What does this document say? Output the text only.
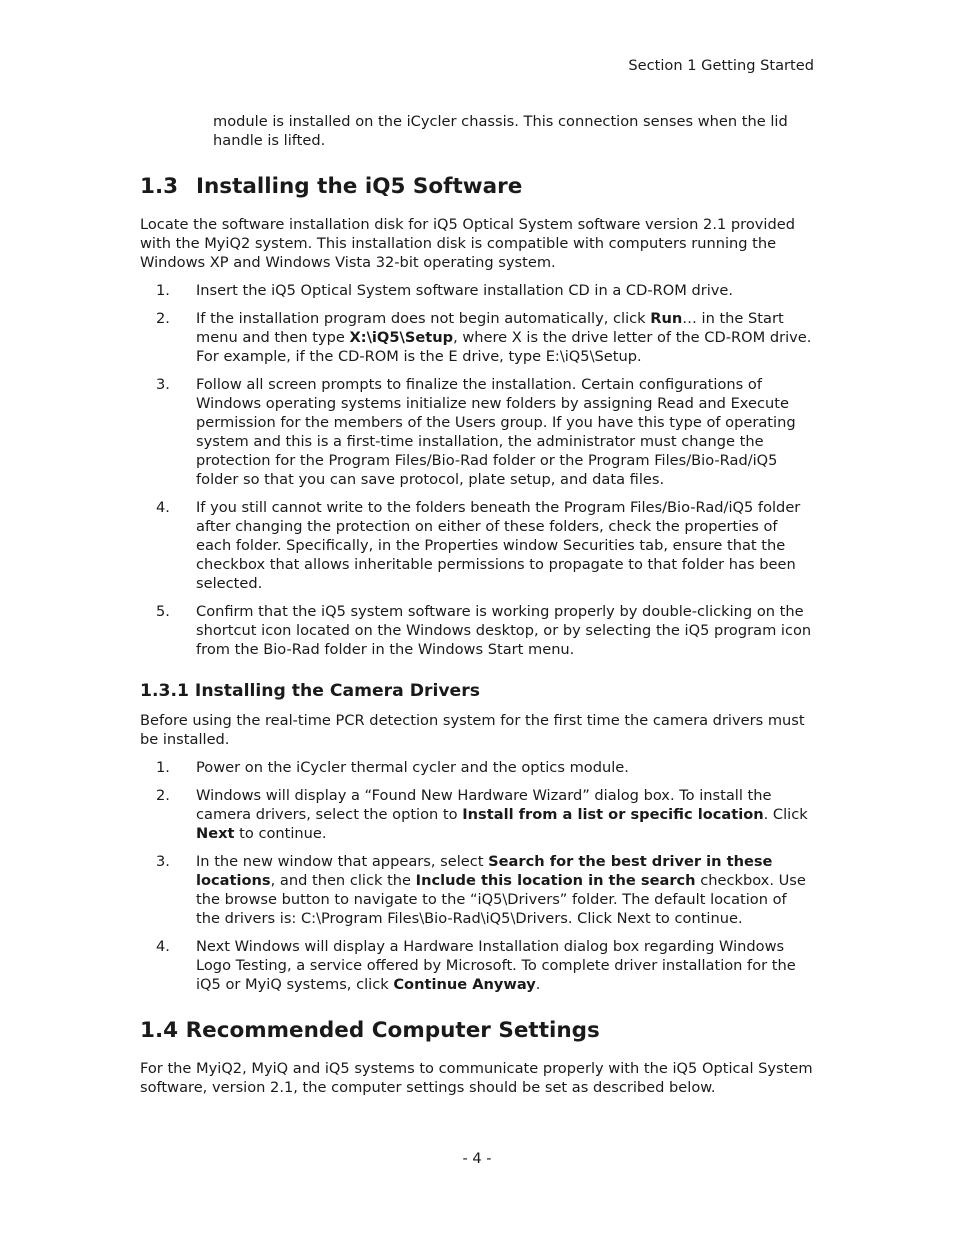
Section 1 Getting Started

module is installed on the iCycler chassis. This connection senses when the lid handle is lifted.

1.3 Installing the iQ5 Software

Locate the software installation disk for iQ5 Optical System software version 2.1 provided with the MyiQ2 system. This installation disk is compatible with computers running the Windows XP and Windows Vista 32-bit operating system.

1.	Insert the iQ5 Optical System software installation CD in a CD-ROM drive.
2.	If the installation program does not begin automatically, click Run… in the Start menu and then type X:\iQ5\Setup, where X is the drive letter of the CD-ROM drive. For example, if the CD-ROM is the E drive, type E:\iQ5\Setup.
3.	Follow all screen prompts to finalize the installation. Certain configurations of Windows operating systems initialize new folders by assigning Read and Execute permission for the members of the Users group. If you have this type of operating system and this is a first-time installation, the administrator must change the protection for the Program Files/Bio-Rad folder or the Program Files/Bio-Rad/iQ5 folder so that you can save protocol, plate setup, and data files.
4.	If you still cannot write to the folders beneath the Program Files/Bio-Rad/iQ5 folder after changing the protection on either of these folders, check the properties of each folder. Specifically, in the Properties window Securities tab, ensure that the checkbox that allows inheritable permissions to propagate to that folder has been selected.
5.	Confirm that the iQ5 system software is working properly by double-clicking on the shortcut icon located on the Windows desktop, or by selecting the iQ5 program icon from the Bio-Rad folder in the Windows Start menu.
1.3.1 Installing the Camera Drivers

Before using the real-time PCR detection system for the first time the camera drivers must be installed.

1.	Power on the iCycler thermal cycler and the optics module.
2.	Windows will display a “Found New Hardware Wizard” dialog box. To install the camera drivers, select the option to Install from a list or specific location. Click Next to continue.
3.	In the new window that appears, select Search for the best driver in these locations, and then click the Include this location in the search checkbox. Use the browse button to navigate to the “iQ5\Drivers” folder. The default location of the drivers is: C:\Program Files\Bio-Rad\iQ5\Drivers. Click Next to continue.
4.	Next Windows will display a Hardware Installation dialog box regarding Windows Logo Testing, a service offered by Microsoft. To complete driver installation for the iQ5 or MyiQ systems, click Continue Anyway.
1.4 Recommended Computer Settings

For the MyiQ2, MyiQ and iQ5 systems to communicate properly with the iQ5 Optical System software, version 2.1, the computer settings should be set as described below.

- 4 -
